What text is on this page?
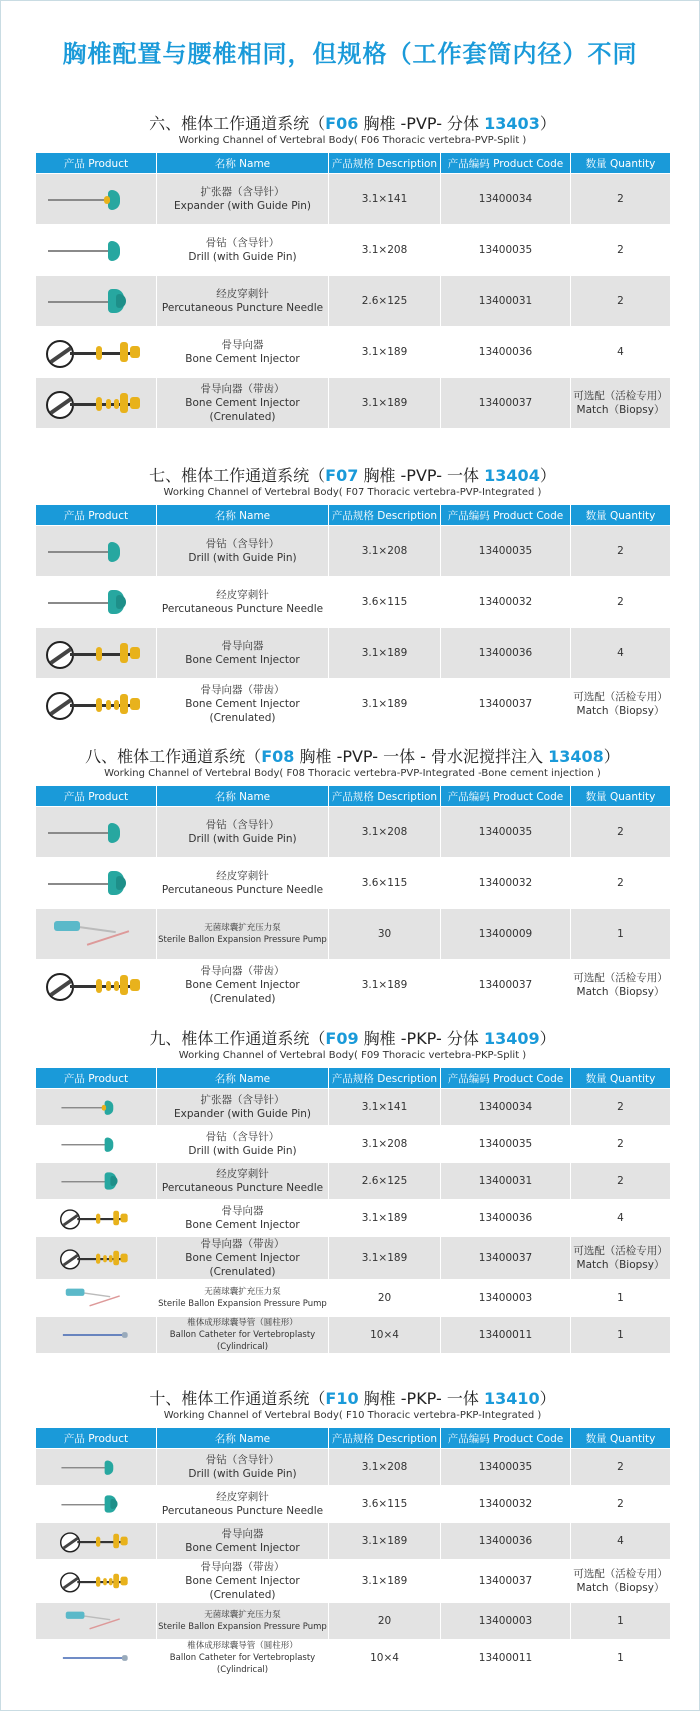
胸椎配置与腰椎相同，但规格（工作套筒内径）不同
六、椎体工作通道系统（F06 胸椎 -PVP- 分体 13403）
Working Channel of Vertebral Body( F06 Thoracic vertebra-PVP-Split )
产品 Product	名称 Name	产品规格 Description	产品编码 Product Code	数量 Quantity

	扩张器（含导针）
Expander (with Guide Pin)	3.1×141	13400034	2

	骨钻（含导针）
Drill (with Guide Pin)	3.1×208	13400035	2

	经皮穿刺针
Percutaneous Puncture Needle	2.6×125	13400031	2

	骨导向器
Bone Cement Injector	3.1×189	13400036	4

	骨导向器（带齿）
Bone Cement Injector (Crenulated)	3.1×189	13400037	可选配（活检专用）
Match（Biopsy）
七、椎体工作通道系统（F07 胸椎 -PVP- 一体 13404）
Working Channel of Vertebral Body( F07 Thoracic vertebra-PVP-Integrated )
产品 Product	名称 Name	产品规格 Description	产品编码 Product Code	数量 Quantity

	骨钻（含导针）
Drill (with Guide Pin)	3.1×208	13400035	2

	经皮穿刺针
Percutaneous Puncture Needle	3.6×115	13400032	2

	骨导向器
Bone Cement Injector	3.1×189	13400036	4

	骨导向器（带齿）
Bone Cement Injector (Crenulated)	3.1×189	13400037	可选配（活检专用）
Match（Biopsy）
八、椎体工作通道系统（F08 胸椎 -PVP- 一体 - 骨水泥搅拌注入 13408）
Working Channel of Vertebral Body( F08 Thoracic vertebra-PVP-Integrated -Bone cement injection )
产品 Product	名称 Name	产品规格 Description	产品编码 Product Code	数量 Quantity

	骨钻（含导针）
Drill (with Guide Pin)	3.1×208	13400035	2

	经皮穿刺针
Percutaneous Puncture Needle	3.6×115	13400032	2

	无菌球囊扩充压力泵
Sterile Ballon Expansion Pressure Pump	30	13400009	1

	骨导向器（带齿）
Bone Cement Injector (Crenulated)	3.1×189	13400037	可选配（活检专用）
Match（Biopsy）
九、椎体工作通道系统（F09 胸椎 -PKP- 分体 13409）
Working Channel of Vertebral Body( F09 Thoracic vertebra-PKP-Split )
产品 Product	名称 Name	产品规格 Description	产品编码 Product Code	数量 Quantity

	扩张器（含导针）
Expander (with Guide Pin)	3.1×141	13400034	2

	骨钻（含导针）
Drill (with Guide Pin)	3.1×208	13400035	2

	经皮穿刺针
Percutaneous Puncture Needle	2.6×125	13400031	2

	骨导向器
Bone Cement Injector	3.1×189	13400036	4

	骨导向器（带齿）
Bone Cement Injector (Crenulated)	3.1×189	13400037	可选配（活检专用）
Match（Biopsy）

	无菌球囊扩充压力泵
Sterile Ballon Expansion Pressure Pump	20	13400003	1

	椎体成形球囊导管（圆柱形）
Ballon Catheter for Vertebroplasty (Cylindrical)	10×4	13400011	1
十、椎体工作通道系统（F10 胸椎 -PKP- 一体 13410）
Working Channel of Vertebral Body( F10 Thoracic vertebra-PKP-Integrated )
产品 Product	名称 Name	产品规格 Description	产品编码 Product Code	数量 Quantity

	骨钻（含导针）
Drill (with Guide Pin)	3.1×208	13400035	2

	经皮穿刺针
Percutaneous Puncture Needle	3.6×115	13400032	2

	骨导向器
Bone Cement Injector	3.1×189	13400036	4

	骨导向器（带齿）
Bone Cement Injector (Crenulated)	3.1×189	13400037	可选配（活检专用）
Match（Biopsy）

	无菌球囊扩充压力泵
Sterile Ballon Expansion Pressure Pump	20	13400003	1

	椎体成形球囊导管（圆柱形）
Ballon Catheter for Vertebroplasty (Cylindrical)	10×4	13400011	1
